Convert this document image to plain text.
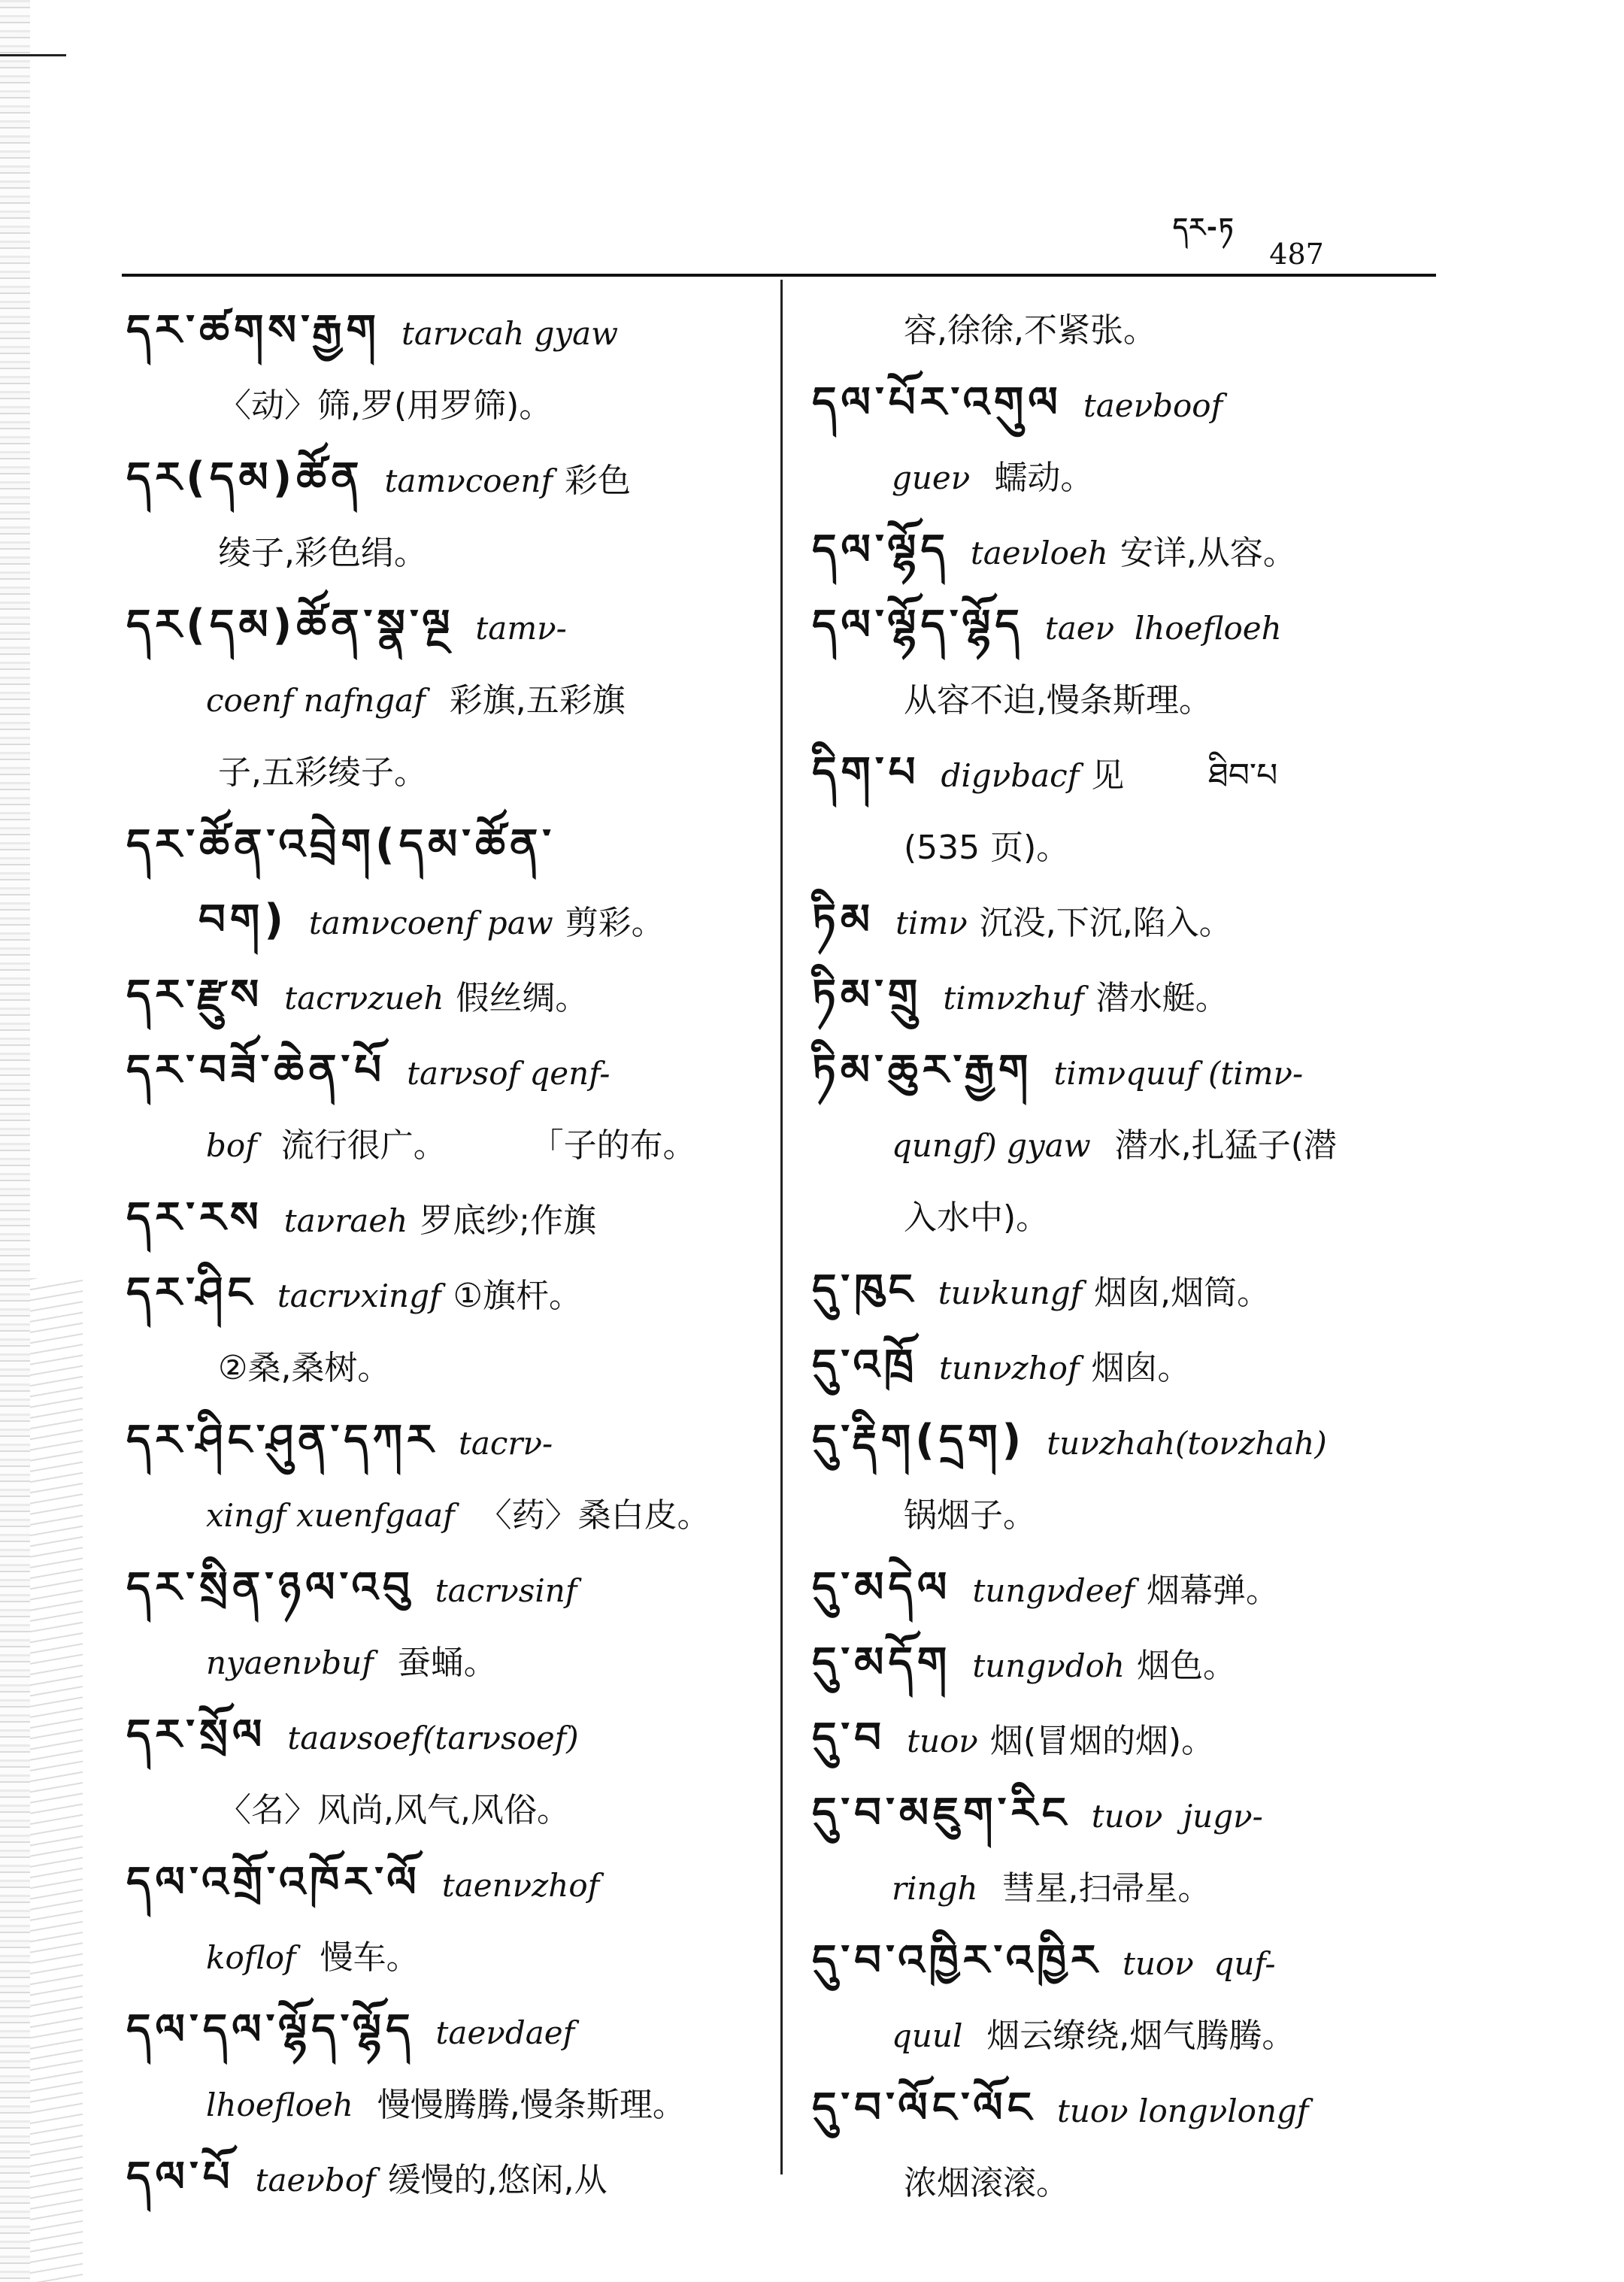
དར-ཏ
487

དར་ཚགས་རྒྱག tarνcah gyaw

〈动〉筛,罗(用罗筛)。

དར(དམ)ཚོན tamνcoenf 彩色

绫子,彩色绢。

དར(དམ)ཚོན་སྣ་ལྔ tamν-

coenf nafngaf 彩旗,五彩旗

子,五彩绫子。

དར་ཚོན་འབྲེག(དམ་ཚོན་

བག) tamνcoenf paw 剪彩。

དར་རྫུས tacrνzueh 假丝绸。

དར་བཟོ་ཆེན་པོ tarνsof qenf-

bof 流行很广。        「子的布。

དར་རས taνraeh 罗底纱;作旗

དར་ཤིང tacrνxingf ①旗杆。

②桑,桑树。

དར་ཤིང་ཤུན་དཀར tacrν-

xingf xuenfgaaf 〈药〉桑白皮。

དར་སྲིན་ཉལ་འབུ tacrνsinf

nyaenνbuf 蚕蛹。

དར་སྲོལ taaνsoef(tarνsoef)

〈名〉风尚,风气,风俗。

དལ་འགྲོ་འཁོར་ལོ taenνzhof

koflof 慢车。

དལ་དལ་ལྷོད་ལྷོད taeνdaef

lhoefloeh 慢慢腾腾,慢条斯理。

དལ་པོ taeνbof 缓慢的,悠闲,从

容,徐徐,不紧张。

དལ་པོར་འགུལ taeνboof

gueν 蠕动。

དལ་ལྷོད taeνloeh 安详,从容。

དལ་ལྷོད་ལྷོད taeν  lhoefloeh

从容不迫,慢条斯理。

དིག་པ digνbacf 见        ཐིབ་པ

(535 页)。

ཏིམ timν 沉没,下沉,陷入。

ཏིམ་གྲུ timνzhuf 潜水艇。

ཏིམ་ཆུར་རྒྱག timνquuf (timν-

qungf) gyaw 潜水,扎猛子(潜

入水中)。

དུ་ཁུང tuνkungf 烟囱,烟筒。

དུ་འཁྲོ tunνzhof 烟囱。

དུ་རྡིག(དྲག) tuνzhah(toνzhah)

锅烟子。

དུ་མདེལ tungνdeef 烟幕弹。

དུ་མདོག tungνdoh 烟色。

དུ་བ tuoν 烟(冒烟的烟)。

དུ་བ་མཇུག་རིང tuoν  jugν-

ringh 彗星,扫帚星。

དུ་བ་འཁྱིར་འཁྱིར tuoν  quf-

quul 烟云缭绕,烟气腾腾。

དུ་བ་ལོང་ལོང tuoν longνlongf

浓烟滚滚。
